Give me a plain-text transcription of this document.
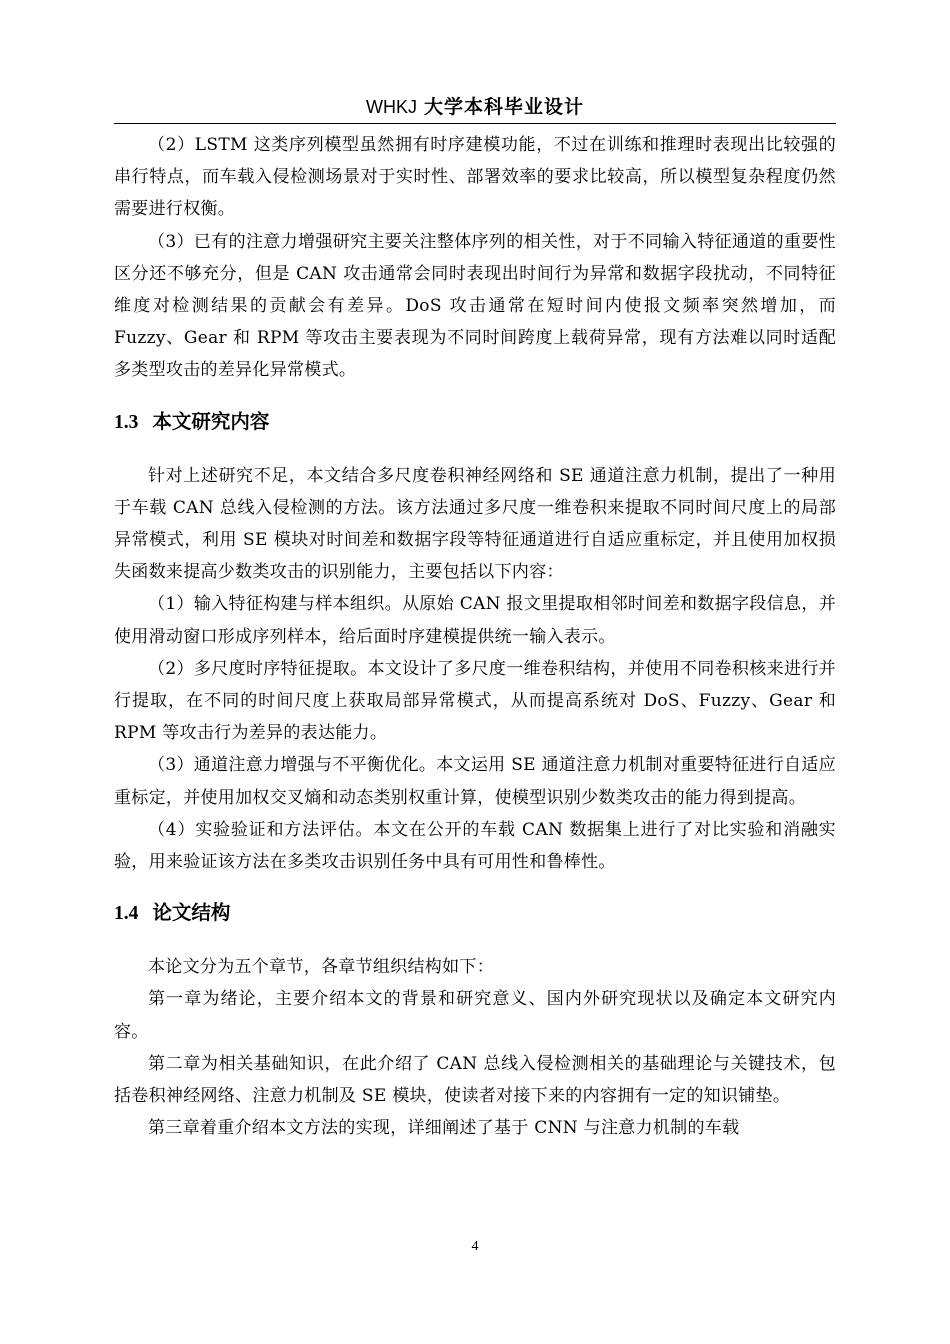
WHKJ 大学本科毕业设计

（2）LSTM 这类序列模型虽然拥有时序建模功能，不过在训练和推理时表现出比较强的串行特点，而车载入侵检测场景对于实时性、部署效率的要求比较高，所以模型复杂程度仍然需要进行权衡。

（3）已有的注意力增强研究主要关注整体序列的相关性，对于不同输入特征通道的重要性区分还不够充分，但是 CAN 攻击通常会同时表现出时间行为异常和数据字段扰动，不同特征维度对检测结果的贡献会有差异。DoS 攻击通常在短时间内使报文频率突然增加，而 Fuzzy、Gear 和 RPM 等攻击主要表现为不同时间跨度上载荷异常，现有方法难以同时适配多类型攻击的差异化异常模式。

1.3 本文研究内容

针对上述研究不足，本文结合多尺度卷积神经网络和 SE 通道注意力机制，提出了一种用于车载 CAN 总线入侵检测的方法。该方法通过多尺度一维卷积来提取不同时间尺度上的局部异常模式，利用 SE 模块对时间差和数据字段等特征通道进行自适应重标定，并且使用加权损失函数来提高少数类攻击的识别能力，主要包括以下内容：

（1）输入特征构建与样本组织。从原始 CAN 报文里提取相邻时间差和数据字段信息，并使用滑动窗口形成序列样本，给后面时序建模提供统一输入表示。

（2）多尺度时序特征提取。本文设计了多尺度一维卷积结构，并使用不同卷积核来进行并行提取，在不同的时间尺度上获取局部异常模式，从而提高系统对 DoS、Fuzzy、Gear 和 RPM 等攻击行为差异的表达能力。

（3）通道注意力增强与不平衡优化。本文运用 SE 通道注意力机制对重要特征进行自适应重标定，并使用加权交叉熵和动态类别权重计算，使模型识别少数类攻击的能力得到提高。

（4）实验验证和方法评估。本文在公开的车载 CAN 数据集上进行了对比实验和消融实验，用来验证该方法在多类攻击识别任务中具有可用性和鲁棒性。

1.4 论文结构

本论文分为五个章节，各章节组织结构如下：

第一章为绪论，主要介绍本文的背景和研究意义、国内外研究现状以及确定本文研究内容。

第二章为相关基础知识，在此介绍了 CAN 总线入侵检测相关的基础理论与关键技术，包括卷积神经网络、注意力机制及 SE 模块，使读者对接下来的内容拥有一定的知识铺垫。

第三章着重介绍本文方法的实现，详细阐述了基于 CNN 与注意力机制的车载

4
